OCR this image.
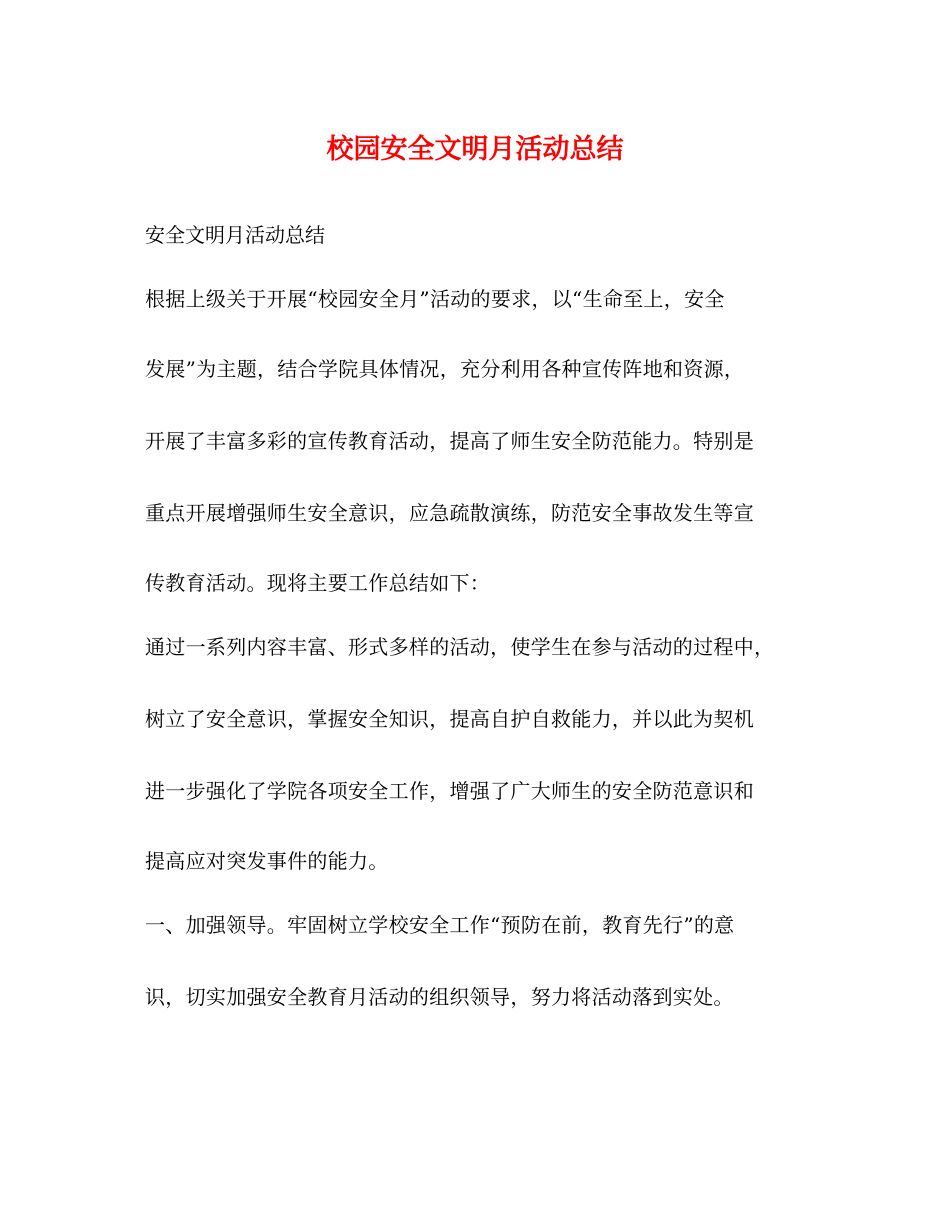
校园安全文明月活动总结
安全文明月活动总结
根据上级关于开展“校园安全月”活动的要求，以“生命至上，安全
发展”为主题，结合学院具体情况，充分利用各种宣传阵地和资源，
开展了丰富多彩的宣传教育活动，提高了师生安全防范能力。特别是
重点开展增强师生安全意识，应急疏散演练，防范安全事故发生等宣
传教育活动。现将主要工作总结如下：
通过一系列内容丰富、形式多样的活动，使学生在参与活动的过程中，
树立了安全意识，掌握安全知识，提高自护自救能力，并以此为契机
进一步强化了学院各项安全工作，增强了广大师生的安全防范意识和
提高应对突发事件的能力。
一、加强领导。牢固树立学校安全工作“预防在前，教育先行”的意
识，切实加强安全教育月活动的组织领导，努力将活动落到实处。
